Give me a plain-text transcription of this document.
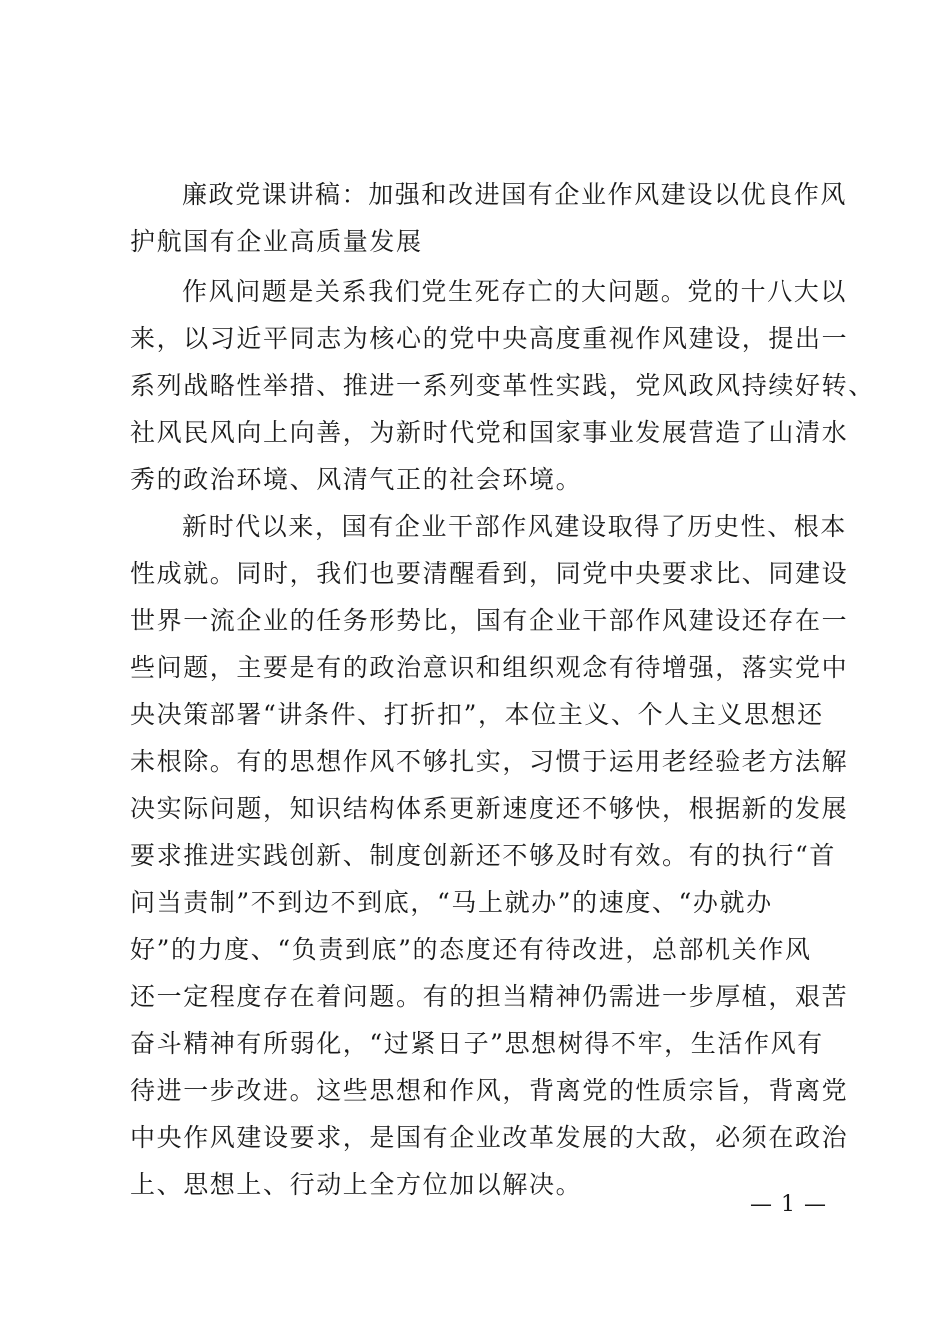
廉政党课讲稿：加强和改进国有企业作风建设以优良作风
护航国有企业高质量发展
作风问题是关系我们党生死存亡的大问题。党的十八大以
来，以习近平同志为核心的党中央高度重视作风建设，提出一
系列战略性举措、推进一系列变革性实践，党风政风持续好转、
社风民风向上向善，为新时代党和国家事业发展营造了山清水
秀的政治环境、风清气正的社会环境。
新时代以来，国有企业干部作风建设取得了历史性、根本
性成就。同时，我们也要清醒看到，同党中央要求比、同建设
世界一流企业的任务形势比，国有企业干部作风建设还存在一
些问题，主要是有的政治意识和组织观念有待增强，落实党中
央决策部署“讲条件、打折扣”，本位主义、个人主义思想还
未根除。有的思想作风不够扎实，习惯于运用老经验老方法解
决实际问题，知识结构体系更新速度还不够快，根据新的发展
要求推进实践创新、制度创新还不够及时有效。有的执行“首
问当责制”不到边不到底，“马上就办”的速度、“办就办
好”的力度、“负责到底”的态度还有待改进，总部机关作风
还一定程度存在着问题。有的担当精神仍需进一步厚植，艰苦
奋斗精神有所弱化，“过紧日子”思想树得不牢，生活作风有
待进一步改进。这些思想和作风，背离党的性质宗旨，背离党
中央作风建设要求，是国有企业改革发展的大敌，必须在政治
上、思想上、行动上全方位加以解决。
— 1 —
